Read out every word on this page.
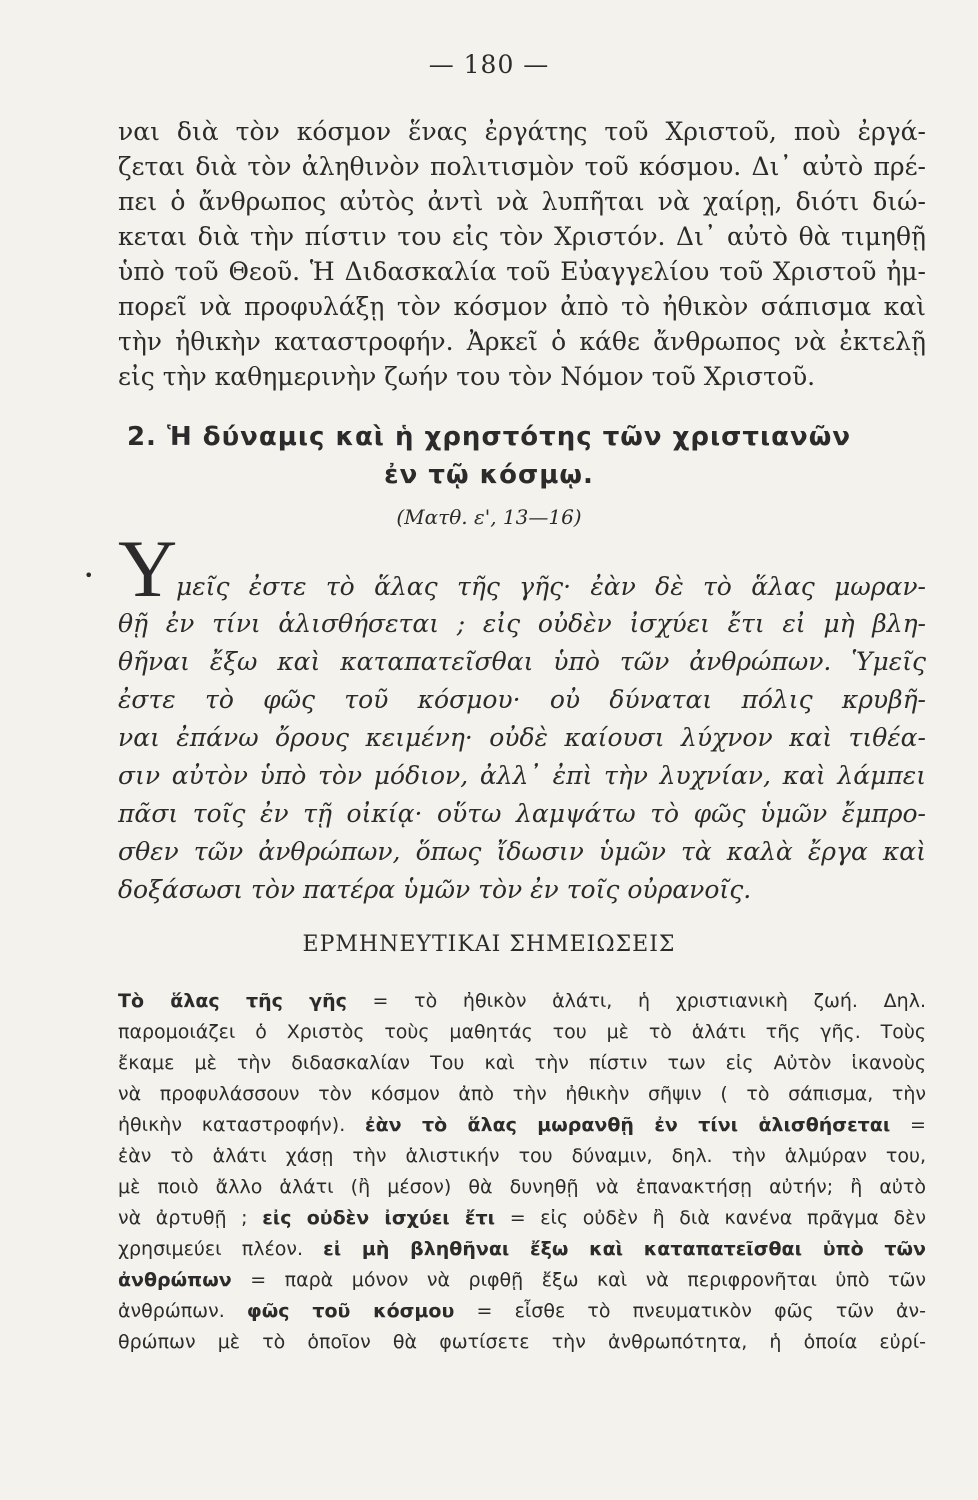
— 180 —
ναι διὰ τὸν κόσμον ἕνας ἐργάτης τοῦ Χριστοῦ, ποὺ ἐργά-
ζεται διὰ τὸν ἀληθινὸν πολιτισμὸν τοῦ κόσμου. Δι᾽ αὐτὸ πρέ-
πει ὁ ἄνθρωπος αὐτὸς ἀντὶ νὰ λυπῆται νὰ χαίρῃ, διότι διώ-
κεται διὰ τὴν πίστιν του εἰς τὸν Χριστόν. Δι᾽ αὐτὸ θὰ τιμηθῇ
ὑπὸ τοῦ Θεοῦ. Ἡ Διδασκαλία τοῦ Εὐαγγελίου τοῦ Χριστοῦ ἠμ-
πορεῖ νὰ προφυλάξῃ τὸν κόσμον ἀπὸ τὸ ἠθικὸν σάπισμα καὶ
τὴν ἠθικὴν καταστροφήν. Ἀρκεῖ ὁ κάθε ἄνθρωπος νὰ ἐκτελῇ
εἰς τὴν καθημερινὴν ζωήν του τὸν Νόμον τοῦ Χριστοῦ.
2. Ἡ δύναμις καὶ ἡ χρηστότης τῶν χριστιανῶν
ἐν τῷ κόσμῳ.
(Ματθ. ε', 13—16)
• Υ
μεῖς ἐστε τὸ ἅλας τῆς γῆς· ἐὰν δὲ τὸ ἅλας μωραν-
θῇ ἐν τίνι ἁλισθήσεται ; εἰς οὐδὲν ἰσχύει ἔτι εἰ μὴ βλη-
θῆναι ἔξω καὶ καταπατεῖσθαι ὑπὸ τῶν ἀνθρώπων. Ὑμεῖς
ἐστε τὸ φῶς τοῦ κόσμου· οὐ δύναται πόλις κρυβῆ-
ναι ἐπάνω ὄρους κειμένη· οὐδὲ καίουσι λύχνον καὶ τιθέα-
σιν αὐτὸν ὑπὸ τὸν μόδιον, ἀλλ᾽ ἐπὶ τὴν λυχνίαν, καὶ λάμπει
πᾶσι τοῖς ἐν τῇ οἰκίᾳ· οὕτω λαμψάτω τὸ φῶς ὑμῶν ἔμπρο-
σθεν τῶν ἀνθρώπων, ὅπως ἴδωσιν ὑμῶν τὰ καλὰ ἔργα καὶ
δοξάσωσι τὸν πατέρα ὑμῶν τὸν ἐν τοῖς οὐρανοῖς.
ΕΡΜΗΝΕΥΤΙΚΑΙ ΣΗΜΕΙΩΣΕΙΣ
Τὸ ἅλας τῆς γῆς = τὸ ἠθικὸν ἁλάτι, ἡ χριστιανικὴ ζωή. Δηλ.
παρομοιάζει ὁ Χριστὸς τοὺς μαθητάς του μὲ τὸ ἁλάτι τῆς γῆς. Τοὺς
ἔκαμε μὲ τὴν διδασκαλίαν Του καὶ τὴν πίστιν των εἰς Αὐτὸν ἱκανοὺς
νὰ προφυλάσσουν τὸν κόσμον ἀπὸ τὴν ἠθικὴν σῆψιν ( τὸ σάπισμα, τὴν
ἠθικὴν καταστροφήν). ἐὰν τὸ ἅλας μωρανθῇ ἐν τίνι ἁλισθήσεται =
ἐὰν τὸ ἁλάτι χάσῃ τὴν ἁλιστικήν του δύναμιν, δηλ. τὴν ἁλμύραν του,
μὲ ποιὸ ἄλλο ἁλάτι (ἢ μέσον) θὰ δυνηθῇ νὰ ἐπανακτήσῃ αὐτήν; ἢ αὐτὸ
νὰ ἀρτυθῇ ; εἰς οὐδὲν ἰσχύει ἔτι = εἰς οὐδὲν ἢ διὰ κανένα πρᾶγμα δὲν
χρησιμεύει πλέον. εἰ μὴ βληθῆναι ἔξω καὶ καταπατεῖσθαι ὑπὸ τῶν
ἀνθρώπων = παρὰ μόνον νὰ ριφθῇ ἔξω καὶ νὰ περιφρονῆται ὑπὸ τῶν
ἀνθρώπων. φῶς τοῦ κόσμου = εἶσθε τὸ πνευματικὸν φῶς τῶν ἀν-
θρώπων μὲ τὸ ὁποῖον θὰ φωτίσετε τὴν ἀνθρωπότητα, ἡ ὁποία εὐρί-
